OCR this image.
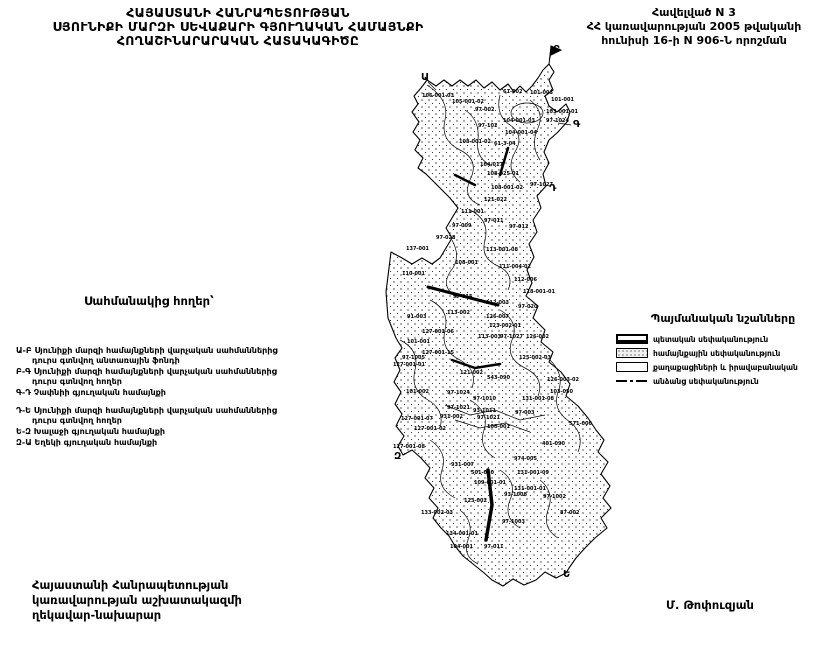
106-001-03
105-001-02
61-002 101-003
101-001
103-001-01
97-002
104-001-03 97-1024
97-102
104-001-04
108-001-02 61-3-04
104-017
108-025-01
108-001-02 97-1027
121-022
111-001
97-011
97-012
97-009
97-028
137-001
110-001
108-001
113-001-08
111-004-02
112-006
118-001-01
97-015
112-003
97-020
113-002
91-003	126-007
123-002-01
127-001-06
101-001
113-003 97-1027 126-002
127-001-15
97-1005
127-001-01
125-002-03
121-002
543-090	126-003-02
101-002	97-1024	103-050
97-1010	131-001-08
97-1021 93-1011
931-002
127-001-07	97-1021
97-003
127-001-02	100-001	571-000
127-001-08	401-090
931-007
974-005
501-010	131-001-09
109-001-01
131-001-01
93-1008	97-1002
123-002
133-002-03
97-1003
134-001-01
104-001 97-011
87-002
Ա
Բ
Գ
Դ
Ե
Զ
ՀԱՅԱՍՏԱՆԻ ՀԱՆՐԱՊԵՏՈՒԹՅԱՆ
ՍՅՈՒՆԻՔԻ ՄԱՐԶԻ ՍԵՎԱՔԱՐԻ ԳՅՈՒՂԱԿԱՆ ՀԱՄԱՅՆՔԻ
ՀՈՂԱՇԻՆԱՐԱՐԱԿԱՆ ՀԱՏԱԿԱԳԻԾԸ
Հավելված N 3
ՀՀ կառավարության 2005 թվականի
հունիսի 16-ի N 906-Ն որոշման
Սահմանակից հողեր՝
Ա-Բ Սյունիքի մարզի համայնքների վարչական սահմաններից դուրս գտնվող անտառային ֆոնդի
Բ-Գ Սյունիքի մարզի համայնքների վարչական սահմաններից դուրս գտնվող հողեր
Գ-Դ Չափնիի գյուղական համայնքի
Դ-Ե Սյունիքի մարզի համայնքների վարչական սահմաններից դուրս գտնվող հողեր
Ե-Զ Խալաջի գյուղական համայնքի
Զ-Ա Եղեկի գյուղական համայնքի
Պայմանական նշանները
պետական սեփականություն
համայնքային սեփականություն
քաղաքացիների և իրավաբանական
անձանց սեփականություն
Հայաստանի Հանրապետության
կառավարության աշխատակազմի
ղեկավար-նախարար
Մ. Թոփուզյան
